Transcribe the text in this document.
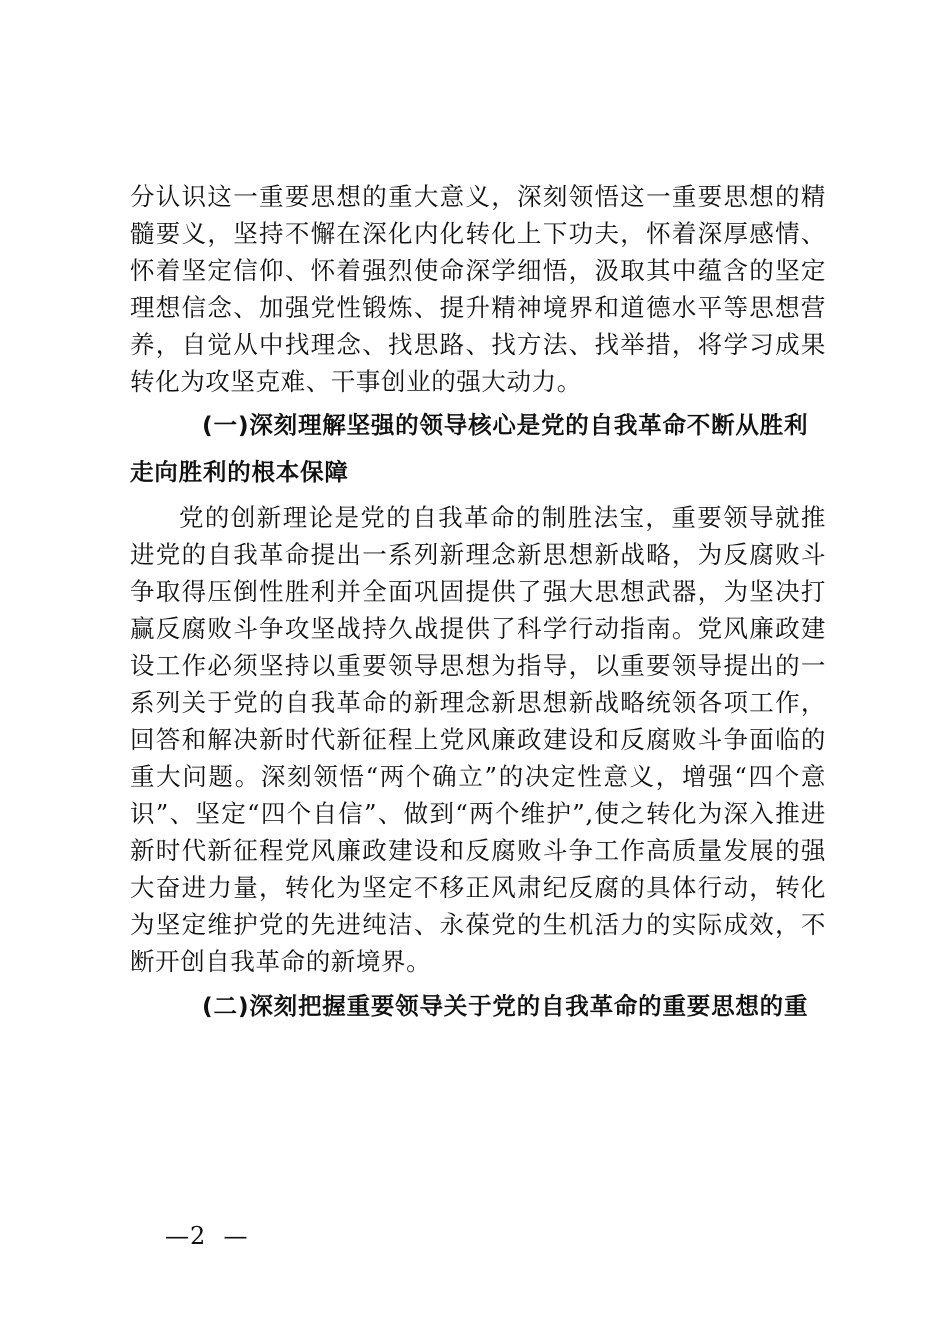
分认识这一重要思想的重大意义，深刻领悟这一重要思想的精髓要义，坚持不懈在深化内化转化上下功夫，怀着深厚感情、怀着坚定信仰、怀着强烈使命深学细悟，汲取其中蕴含的坚定理想信念、加强党性锻炼、提升精神境界和道德水平等思想营养，自觉从中找理念、找思路、找方法、找举措，将学习成果转化为攻坚克难、干事创业的强大动力。

(一)深刻理解坚强的领导核心是党的自我革命不断从胜利
走向胜利的根本保障

党的创新理论是党的自我革命的制胜法宝，重要领导就推进党的自我革命提出一系列新理念新思想新战略，为反腐败斗争取得压倒性胜利并全面巩固提供了强大思想武器，为坚决打赢反腐败斗争攻坚战持久战提供了科学行动指南。党风廉政建设工作必须坚持以重要领导思想为指导，以重要领导提出的一系列关于党的自我革命的新理念新思想新战略统领各项工作，回答和解决新时代新征程上党风廉政建设和反腐败斗争面临的重大问题。深刻领悟“两个确立”的决定性意义，增强“四个意识”、坚定“四个自信”、做到“两个维护”,使之转化为深入推进新时代新征程党风廉政建设和反腐败斗争工作高质量发展的强大奋进力量，转化为坚定不移正风肃纪反腐的具体行动，转化为坚定维护党的先进纯洁、永葆党的生机活力的实际成效，不断开创自我革命的新境界。

(二)深刻把握重要领导关于党的自我革命的重要思想的重

—2  —
